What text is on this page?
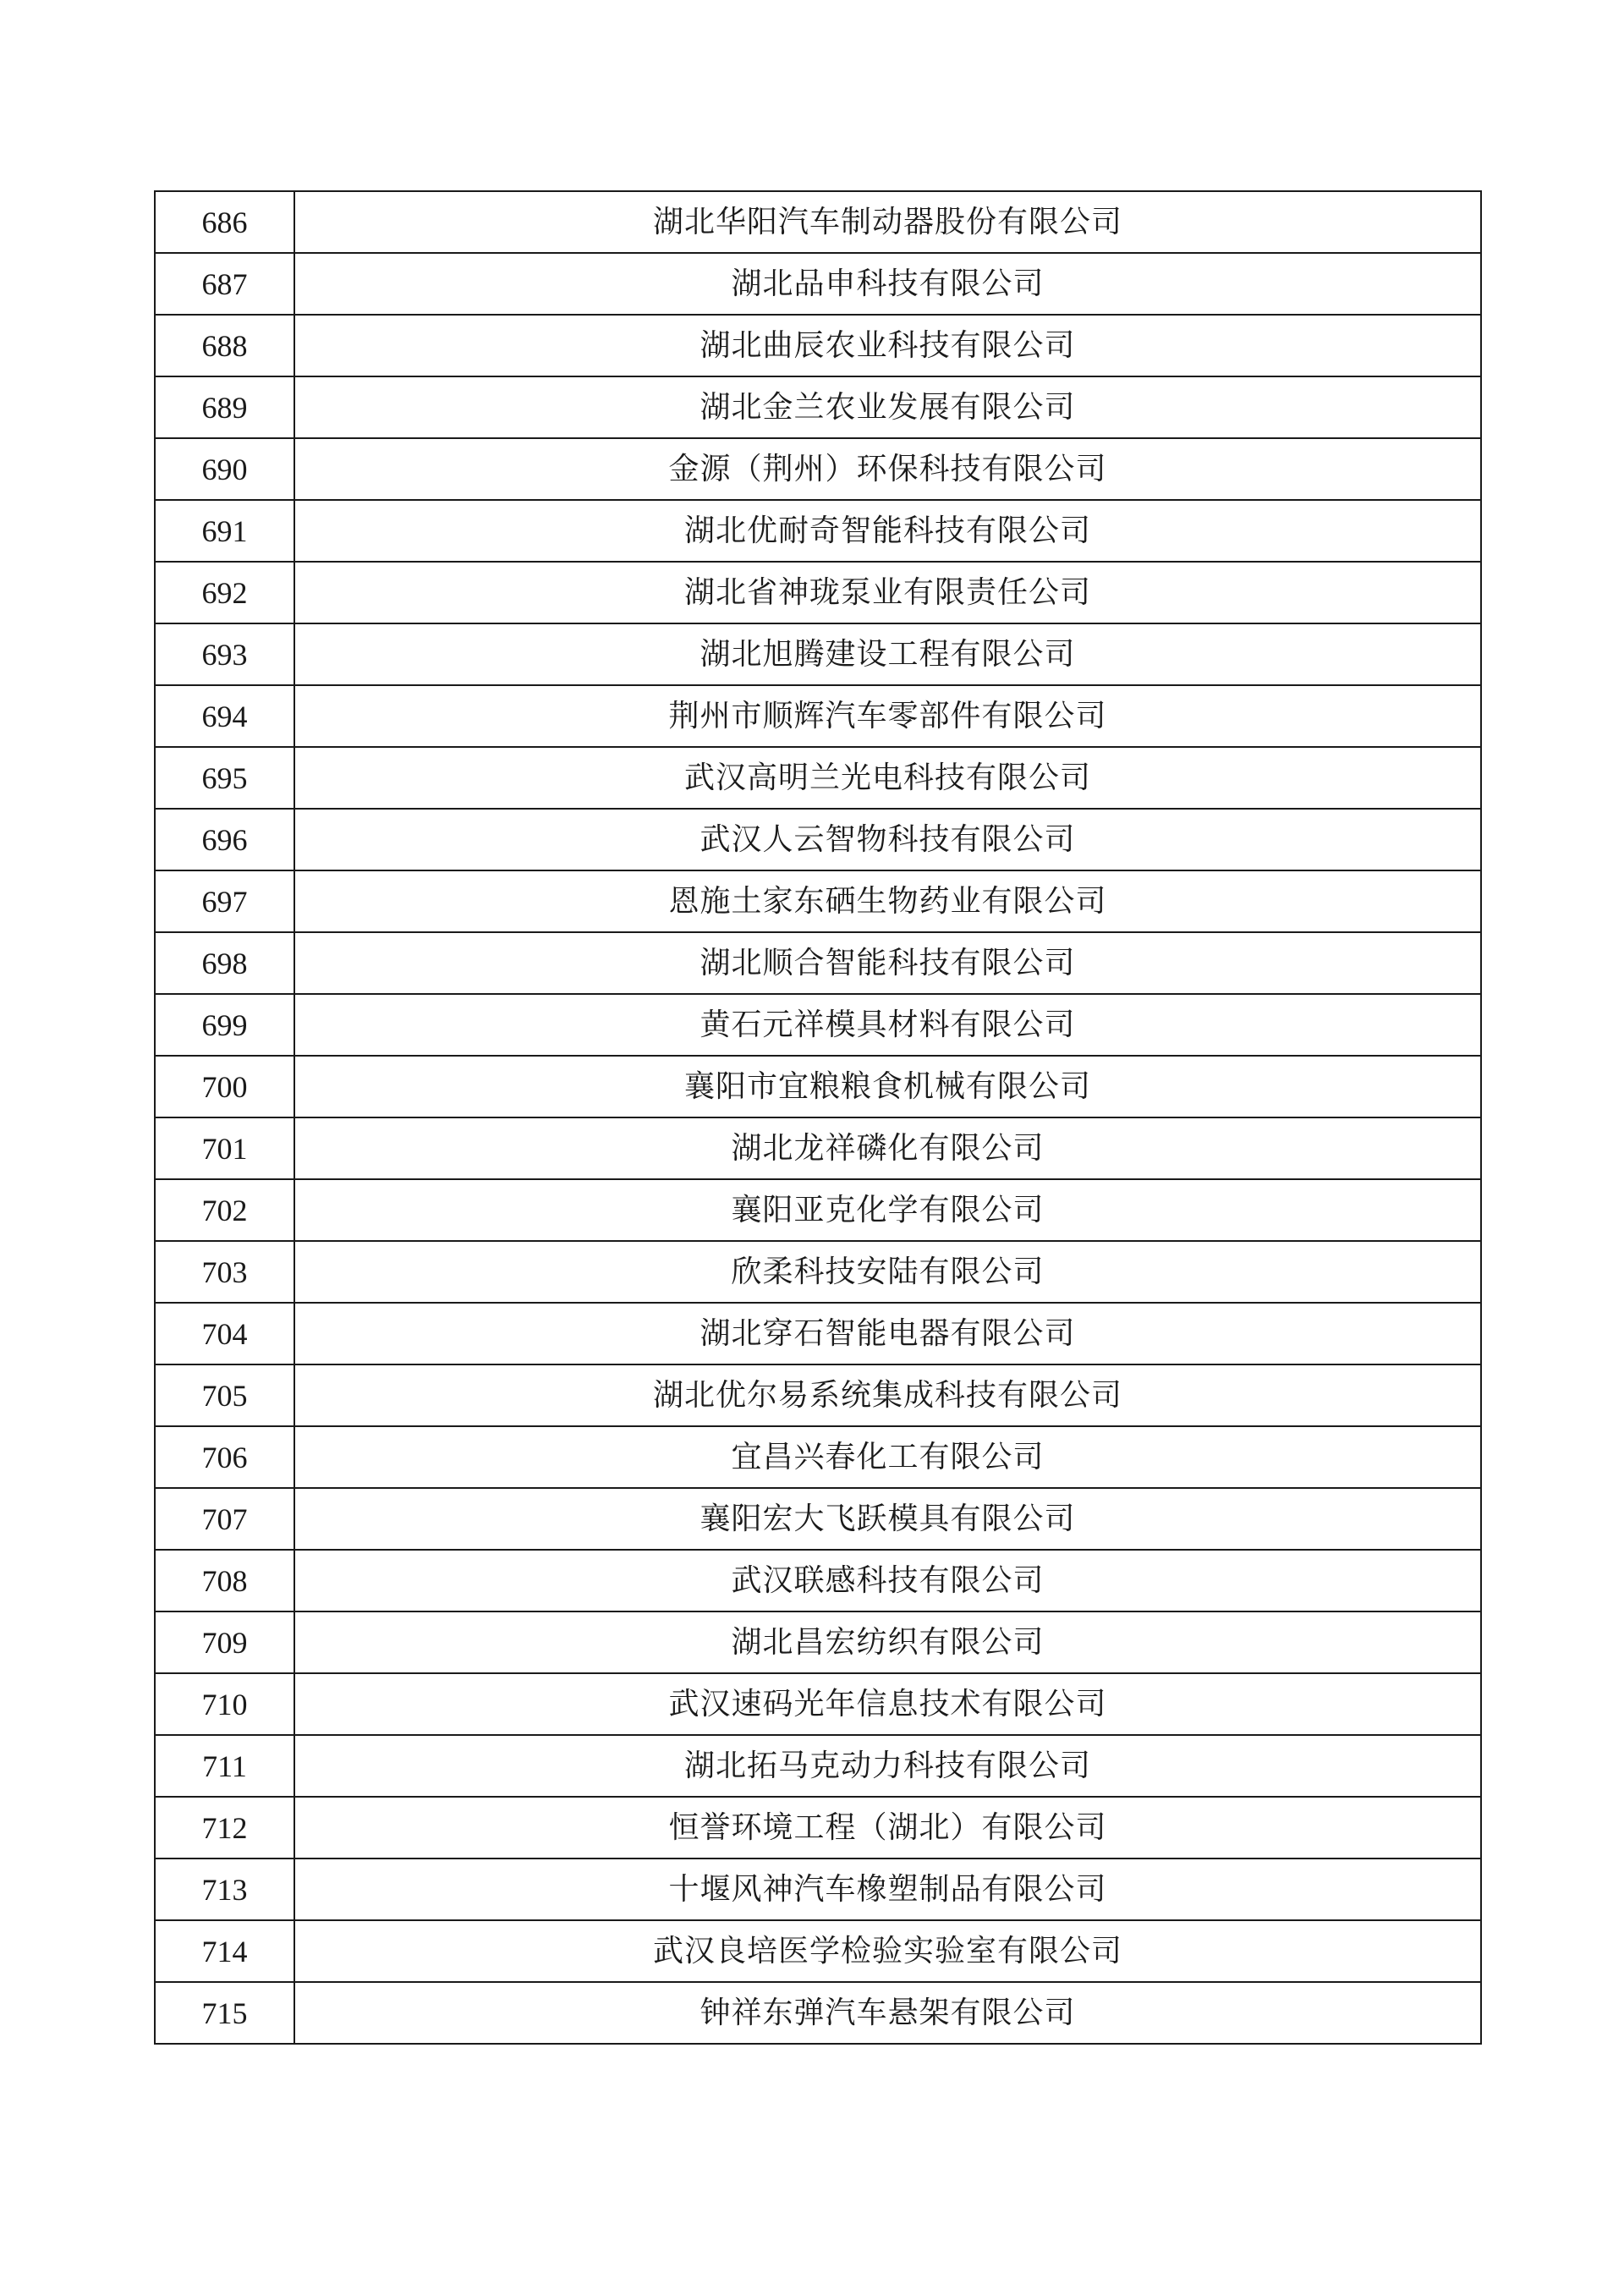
686	湖北华阳汽车制动器股份有限公司
687	湖北品申科技有限公司
688	湖北曲辰农业科技有限公司
689	湖北金兰农业发展有限公司
690	金源（荆州）环保科技有限公司
691	湖北优耐奇智能科技有限公司
692	湖北省神珑泵业有限责任公司
693	湖北旭腾建设工程有限公司
694	荆州市顺辉汽车零部件有限公司
695	武汉高明兰光电科技有限公司
696	武汉人云智物科技有限公司
697	恩施土家东硒生物药业有限公司
698	湖北顺合智能科技有限公司
699	黄石元祥模具材料有限公司
700	襄阳市宜粮粮食机械有限公司
701	湖北龙祥磷化有限公司
702	襄阳亚克化学有限公司
703	欣柔科技安陆有限公司
704	湖北穿石智能电器有限公司
705	湖北优尔易系统集成科技有限公司
706	宜昌兴春化工有限公司
707	襄阳宏大飞跃模具有限公司
708	武汉联感科技有限公司
709	湖北昌宏纺织有限公司
710	武汉速码光年信息技术有限公司
711	湖北拓马克动力科技有限公司
712	恒誉环境工程（湖北）有限公司
713	十堰风神汽车橡塑制品有限公司
714	武汉良培医学检验实验室有限公司
715	钟祥东弹汽车悬架有限公司
